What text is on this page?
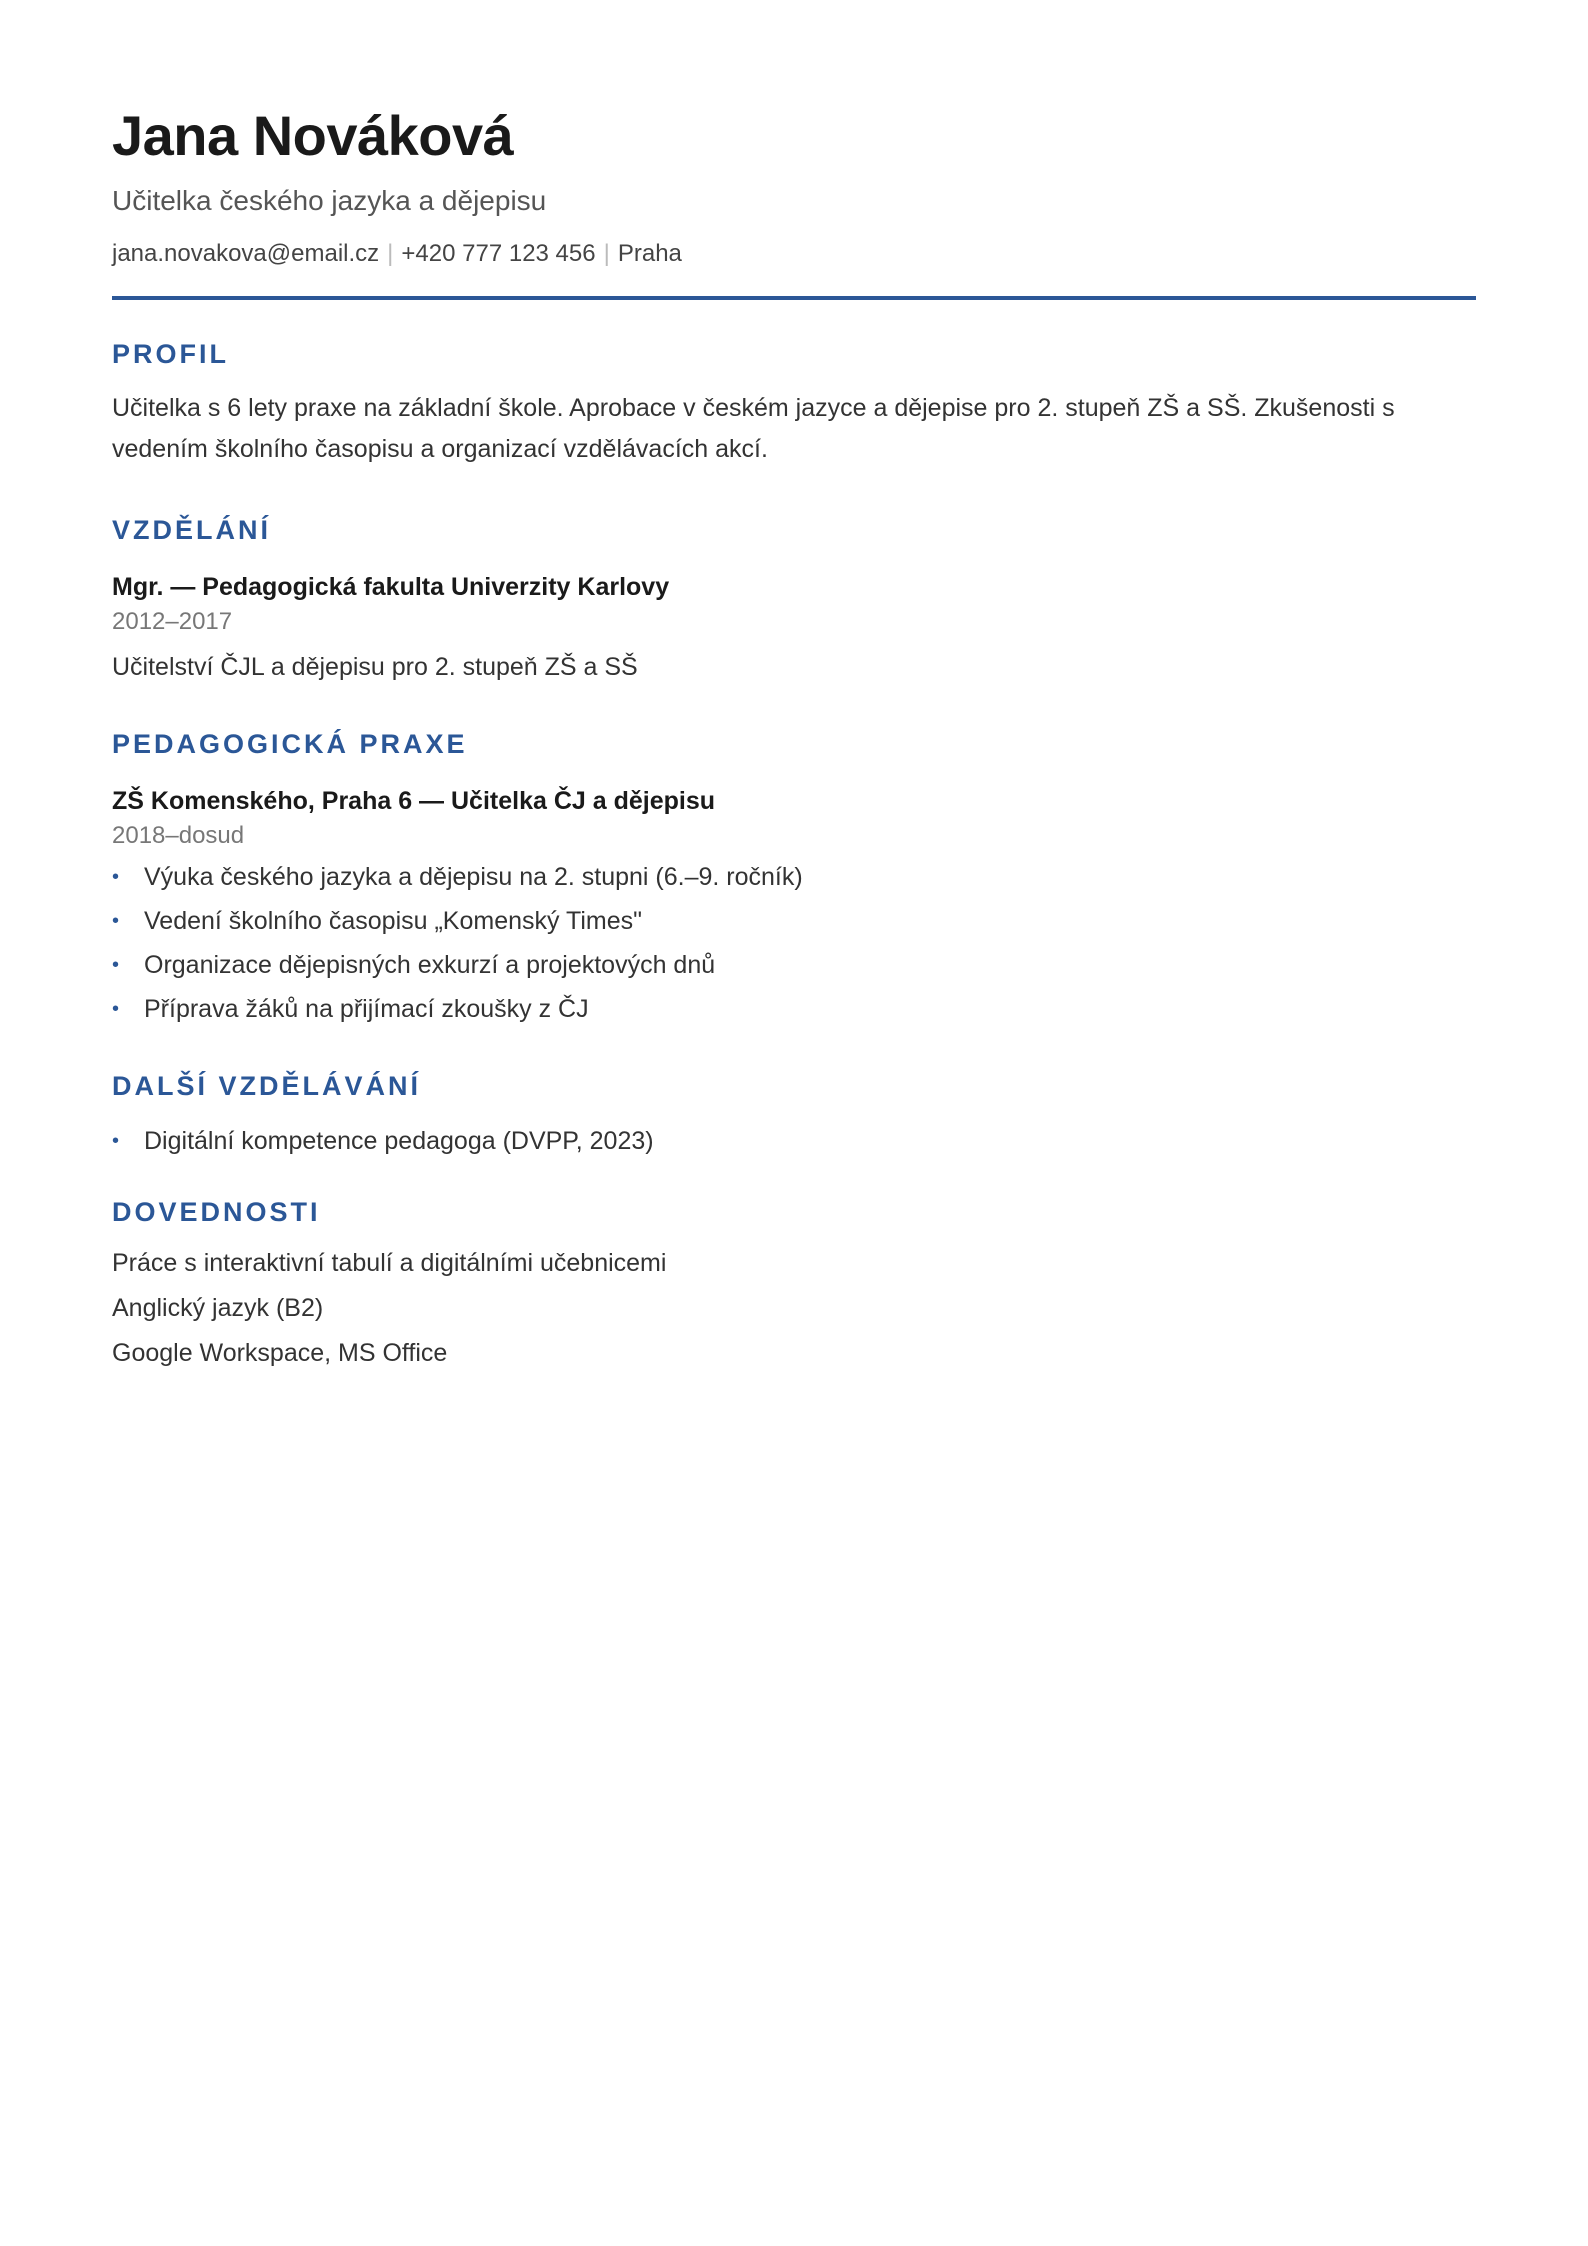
Jana Nováková
Učitelka českého jazyka a dějepisu
jana.novakova@email.cz | +420 777 123 456 | Praha
PROFIL
Učitelka s 6 lety praxe na základní škole. Aprobace v českém jazyce a dějepise pro 2. stupeň ZŠ a SŠ. Zkušenosti s vedením školního časopisu a organizací vzdělávacích akcí.
VZDĚLÁNÍ
Mgr. — Pedagogická fakulta Univerzity Karlovy
2012–2017
Učitelství ČJL a dějepisu pro 2. stupeň ZŠ a SŠ
PEDAGOGICKÁ PRAXE
ZŠ Komenského, Praha 6 — Učitelka ČJ a dějepisu
2018–dosud
• Výuka českého jazyka a dějepisu na 2. stupni (6.–9. ročník)
• Vedení školního časopisu „Komenský Times"
• Organizace dějepisných exkurzí a projektových dnů
• Příprava žáků na přijímací zkoušky z ČJ
DALŠÍ VZDĚLÁVÁNÍ
• Digitální kompetence pedagoga (DVPP, 2023)
DOVEDNOSTI
Práce s interaktivní tabulí a digitálními učebnicemi
Anglický jazyk (B2)
Google Workspace, MS Office
